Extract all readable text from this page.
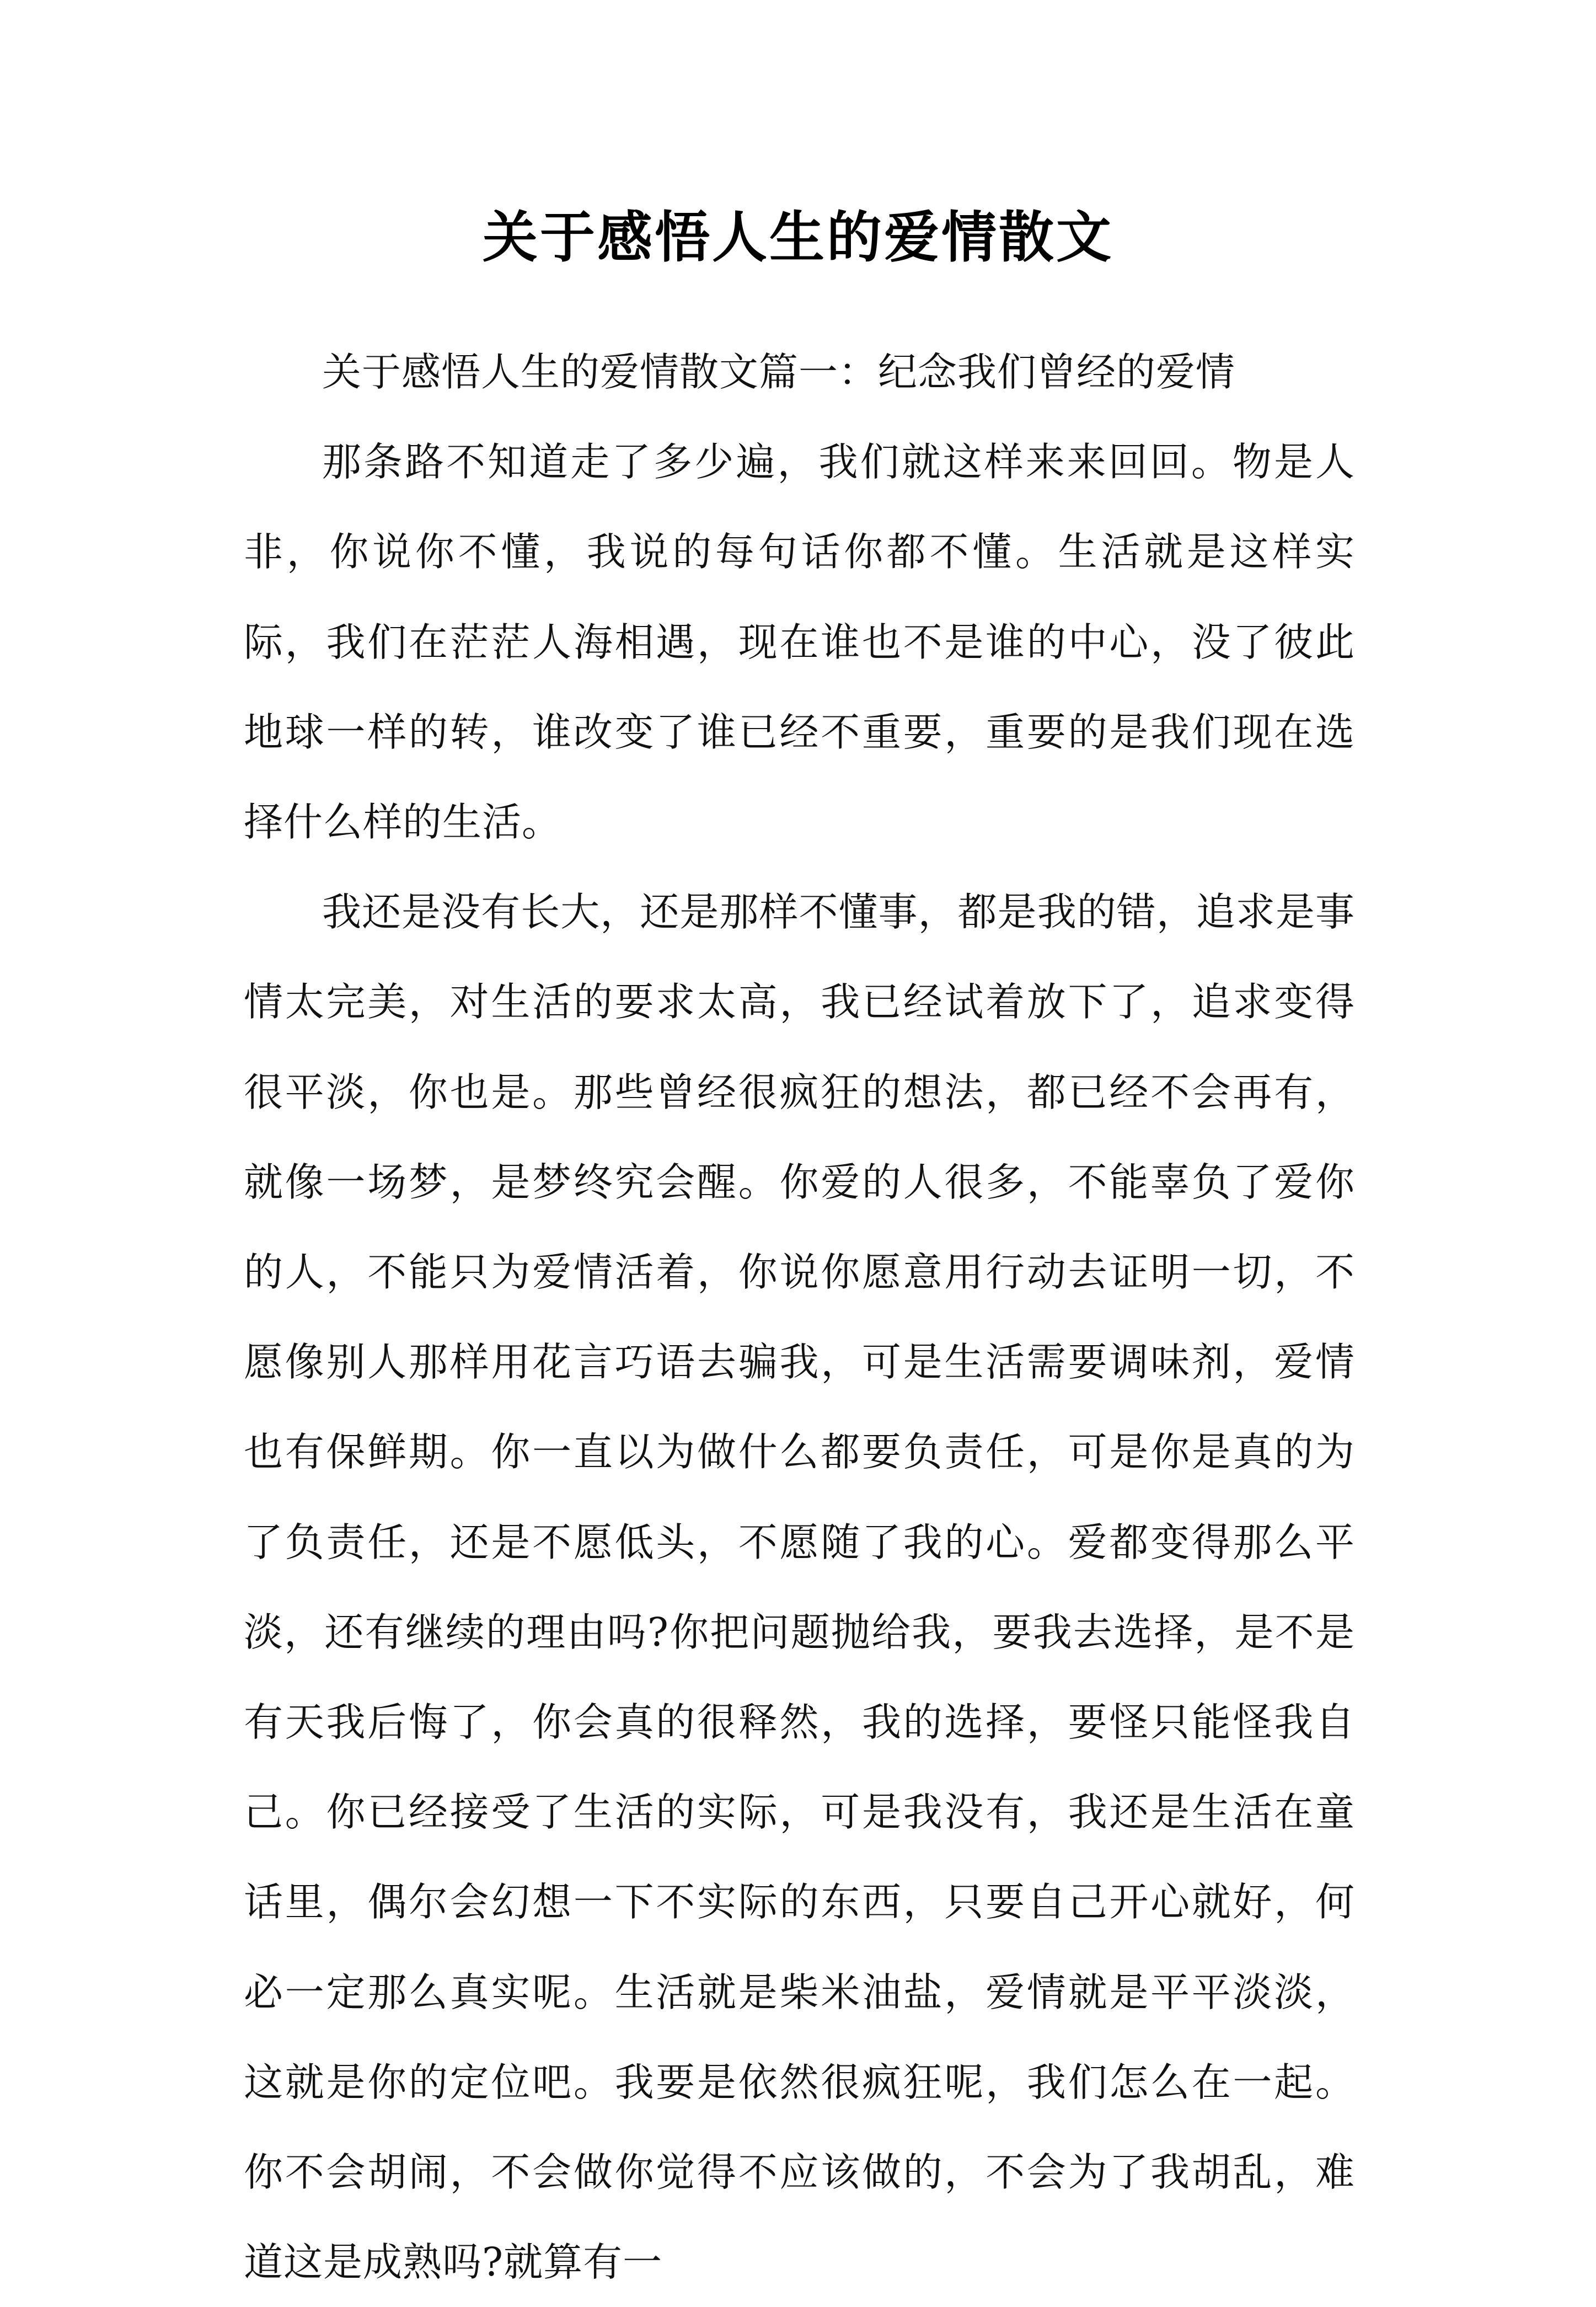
关于感悟人生的爱情散文

关于感悟人生的爱情散文篇一：纪念我们曾经的爱情

那条路不知道走了多少遍，我们就这样来来回回。物是人非，你说你不懂，我说的每句话你都不懂。生活就是这样实际，我们在茫茫人海相遇，现在谁也不是谁的中心，没了彼此地球一样的转，谁改变了谁已经不重要，重要的是我们现在选择什么样的生活。

我还是没有长大，还是那样不懂事，都是我的错，追求是事情太完美，对生活的要求太高，我已经试着放下了，追求变得很平淡，你也是。那些曾经很疯狂的想法，都已经不会再有，就像一场梦，是梦终究会醒。你爱的人很多，不能辜负了爱你的人，不能只为爱情活着，你说你愿意用行动去证明一切，不愿像别人那样用花言巧语去骗我，可是生活需要调味剂，爱情也有保鲜期。你一直以为做什么都要负责任，可是你是真的为了负责任，还是不愿低头，不愿随了我的心。爱都变得那么平淡，还有继续的理由吗?你把问题抛给我，要我去选择，是不是有天我后悔了，你会真的很释然，我的选择，要怪只能怪我自己。你已经接受了生活的实际，可是我没有，我还是生活在童话里，偶尔会幻想一下不实际的东西，只要自己开心就好，何必一定那么真实呢。生活就是柴米油盐，爱情就是平平淡淡，这就是你的定位吧。我要是依然很疯狂呢，我们怎么在一起。你不会胡闹，不会做你觉得不应该做的，不会为了我胡乱，难道这是成熟吗?就算有一
